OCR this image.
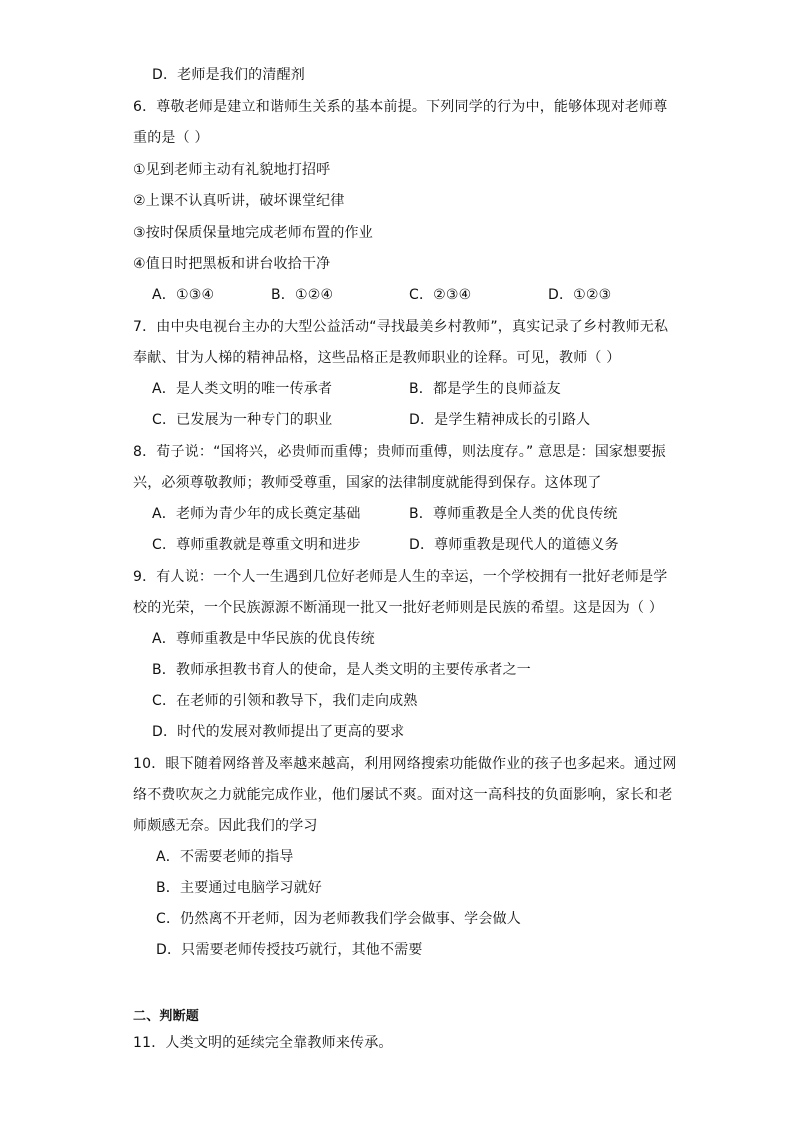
D．老师是我们的清醒剂
6．尊敬老师是建立和谐师生关系的基本前提。下列同学的行为中，能够体现对老师尊
重的是（ ）
①见到老师主动有礼貌地打招呼
②上课不认真听讲，破坏课堂纪律
③按时保质保量地完成老师布置的作业
④值日时把黑板和讲台收拾干净
A．①③④	B．①②④	C．②③④	D．①②③
7．由中央电视台主办的大型公益活动“寻找最美乡村教师”，真实记录了乡村教师无私
奉献、甘为人梯的精神品格，这些品格正是教师职业的诠释。可见，教师（ ）
A．是人类文明的唯一传承者	B．都是学生的良师益友
C．已发展为一种专门的职业	D．是学生精神成长的引路人
8．荀子说：“国将兴，必贵师而重傅；贵师而重傅，则法度存。” 意思是：国家想要振
兴，必须尊敬教师；教师受尊重，国家的法律制度就能得到保存。这体现了
A．老师为青少年的成长奠定基础	B．尊师重教是全人类的优良传统
C．尊师重教就是尊重文明和进步	D．尊师重教是现代人的道德义务
9．有人说：一个人一生遇到几位好老师是人生的幸运，一个学校拥有一批好老师是学
校的光荣，一个民族源源不断涌现一批又一批好老师则是民族的希望。这是因为（ ）
A．尊师重教是中华民族的优良传统
B．教师承担教书育人的使命，是人类文明的主要传承者之一
C．在老师的引领和教导下，我们走向成熟
D．时代的发展对教师提出了更高的要求
10．眼下随着网络普及率越来越高，利用网络搜索功能做作业的孩子也多起来。通过网
络不费吹灰之力就能完成作业，他们屡试不爽。面对这一高科技的负面影响，家长和老
师颇感无奈。因此我们的学习
A．不需要老师的指导
B．主要通过电脑学习就好
C．仍然离不开老师，因为老师教我们学会做事、学会做人
D．只需要老师传授技巧就行，其他不需要
二、判断题
11．人类文明的延续完全靠教师来传承。
